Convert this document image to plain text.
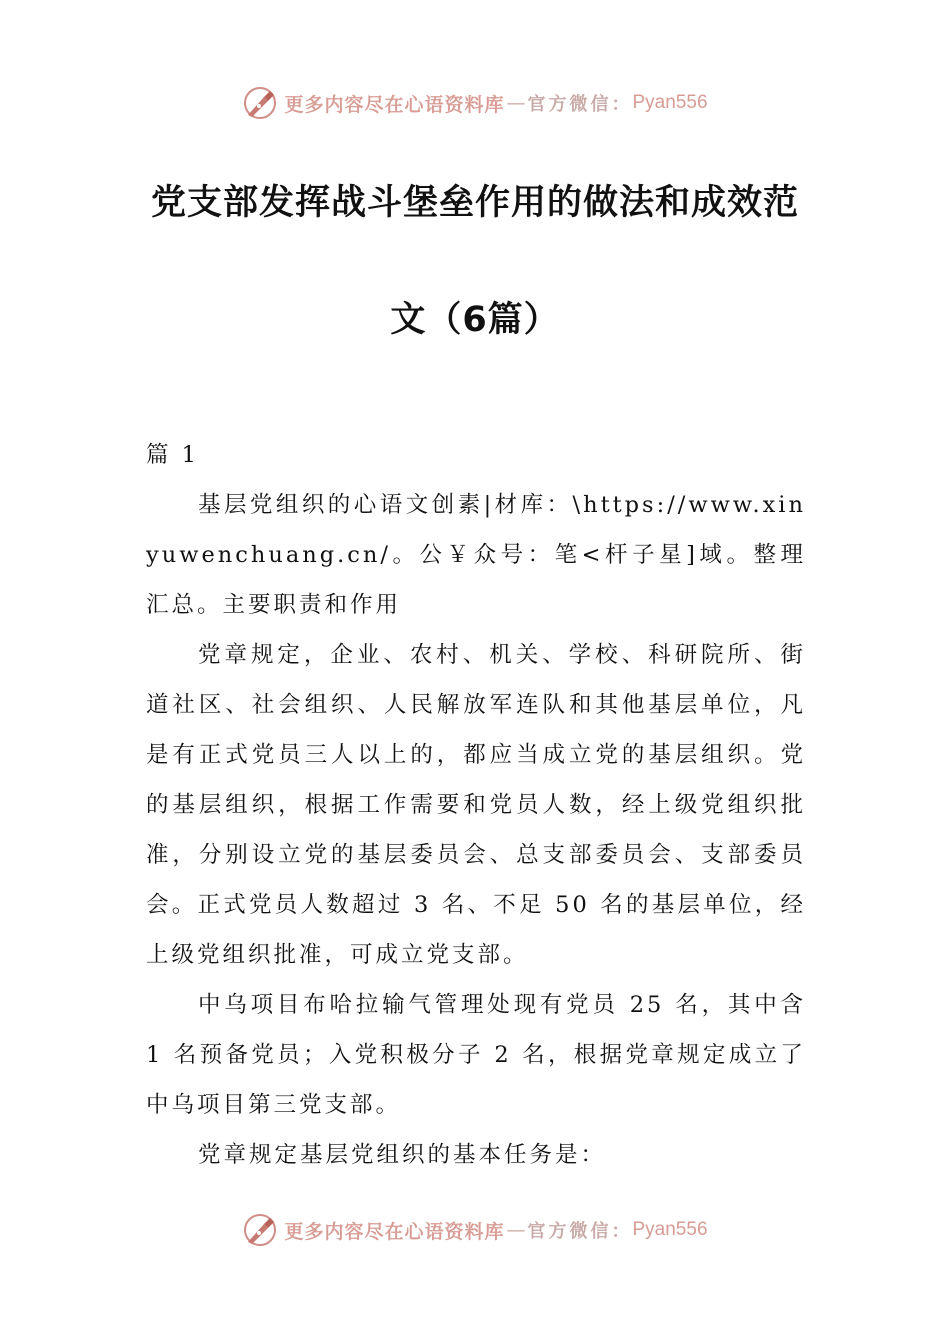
更多内容尽在心语资料库 — 官方微信： Pyan556
党支部发挥战斗堡垒作用的做法和成效范
文（6篇）

篇 1

基层党组织的心语文创素|材库：\https://www.xinyuwenchuang.cn/。公￥众号：笔<杆子星]域。整理汇总。主要职责和作用

党章规定，企业、农村、机关、学校、科研院所、街道社区、社会组织、人民解放军连队和其他基层单位，凡是有正式党员三人以上的，都应当成立党的基层组织。党的基层组织，根据工作需要和党员人数，经上级党组织批准，分别设立党的基层委员会、总支部委员会、支部委员会。正式党员人数超过 3 名、不足 50 名的基层单位，经上级党组织批准，可成立党支部。

中乌项目布哈拉输气管理处现有党员 25 名，其中含 1 名预备党员；入党积极分子 2 名，根据党章规定成立了中乌项目第三党支部。

党章规定基层党组织的基本任务是：

更多内容尽在心语资料库 — 官方微信： Pyan556
